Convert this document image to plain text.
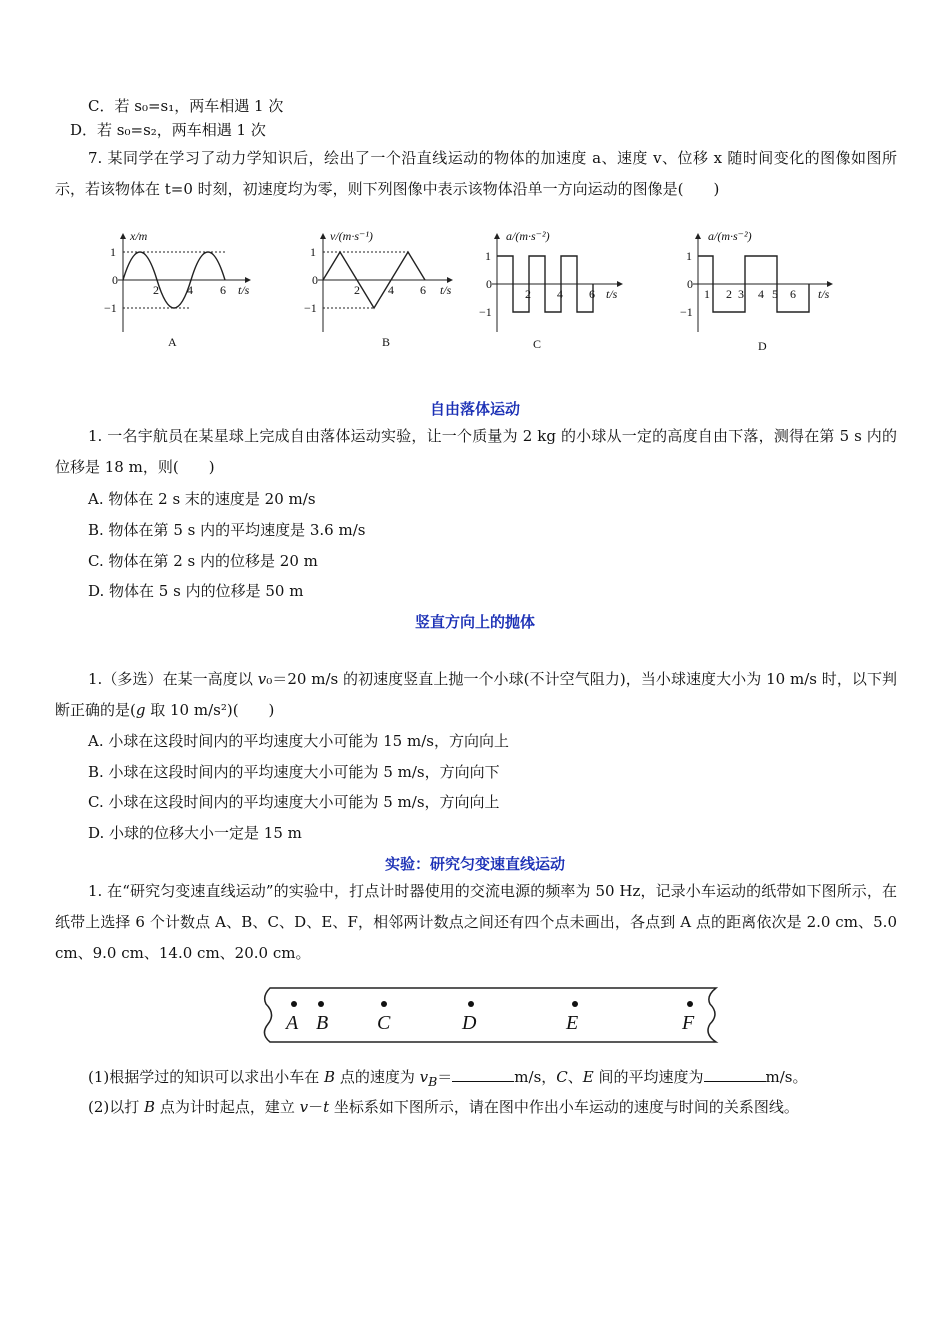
C．若 s₀=s₁，两车相遇 1 次
D．若 s₀=s₂，两车相遇 1 次
7. 某同学在学习了动力学知识后，绘出了一个沿直线运动的物体的加速度 a、速度 v、位移 x 随时间变化的图像如图所示，若该物体在 t=0 时刻，初速度均为零，则下列图像中表示该物体沿单一方向运动的图像是(　　)
x/m
t/s
1
0
−1
2 4 6
A
v/(m·s⁻¹)
t/s
1
0
−1
2 4 6
B
a/(m·s⁻²)
t/s
1
0
−1
2 4 6
C
a/(m·s⁻²)
t/s
1
0
−1
1 2 3 4 5 6
D
自由落体运动
1. 一名宇航员在某星球上完成自由落体运动实验，让一个质量为 2 kg 的小球从一定的高度自由下落，测得在第 5 s 内的位移是 18 m，则(　　)
A. 物体在 2 s 末的速度是 20 m/s
B. 物体在第 5 s 内的平均速度是 3.6 m/s
C. 物体在第 2 s 内的位移是 20 m
D. 物体在 5 s 内的位移是 50 m
竖直方向上的抛体
1.（多选）在某一高度以 v₀＝20 m/s 的初速度竖直上抛一个小球(不计空气阻力)，当小球速度大小为 10 m/s 时，以下判断正确的是(g 取 10 m/s²)(　　)
A. 小球在这段时间内的平均速度大小可能为 15 m/s，方向向上
B. 小球在这段时间内的平均速度大小可能为 5 m/s，方向向下
C. 小球在这段时间内的平均速度大小可能为 5 m/s，方向向上
D. 小球的位移大小一定是 15 m
实验：研究匀变速直线运动
1. 在“研究匀变速直线运动”的实验中，打点计时器使用的交流电源的频率为 50 Hz，记录小车运动的纸带如下图所示，在纸带上选择 6 个计数点 A、B、C、D、E、F，相邻两计数点之间还有四个点未画出，各点到 A 点的距离依次是 2.0 cm、5.0 cm、9.0 cm、14.0 cm、20.0 cm。
A B C	D	E	F
(1)根据学过的知识可以求出小车在 B 点的速度为 $v_B=$	m/s，C、E 间的平均速度为	m/s。
(2)以打 B 点为计时起点，建立 v－t 坐标系如下图所示，请在图中作出小车运动的速度与时间的关系图线。
